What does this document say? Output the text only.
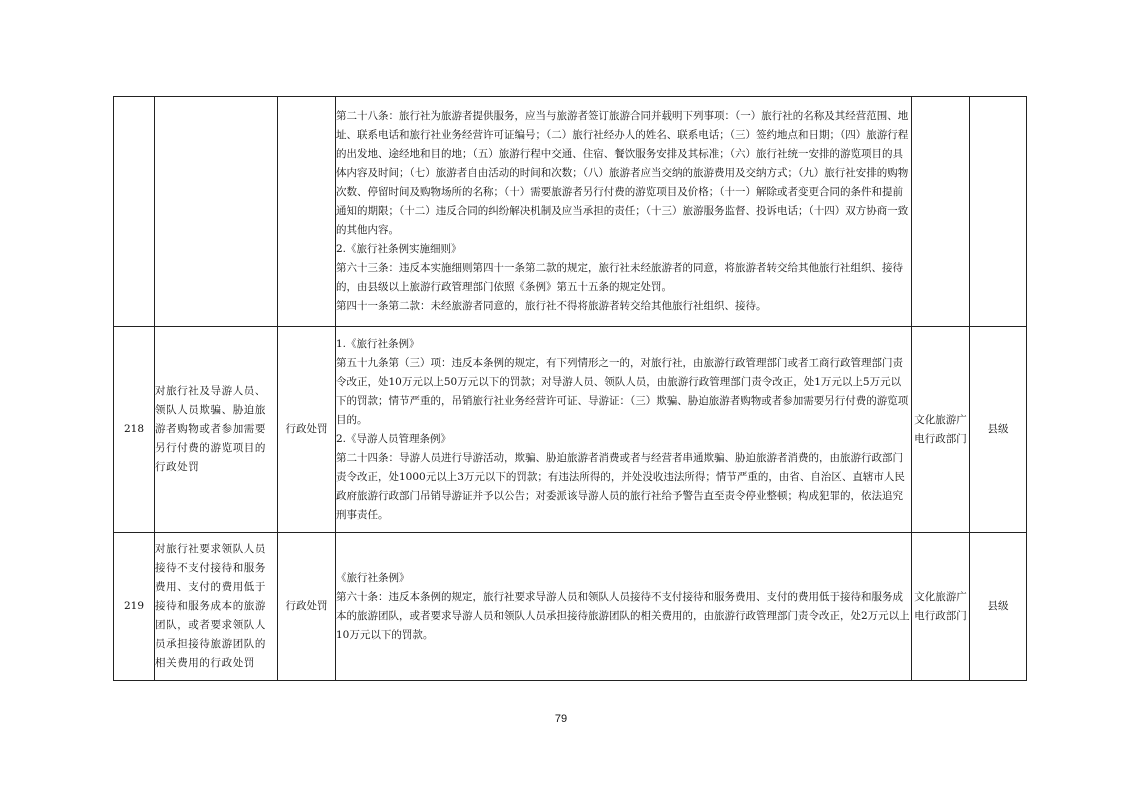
			第二十八条：旅行社为旅游者提供服务，应当与旅游者签订旅游合同并载明下列事项：（一）旅行社的名称及其经营范围、地址、联系电话和旅行社业务经营许可证编号；（二）旅行社经办人的姓名、联系电话；（三）签约地点和日期；（四）旅游行程的出发地、途经地和目的地；（五）旅游行程中交通、住宿、餐饮服务安排及其标准；（六）旅行社统一安排的游览项目的具体内容及时间；（七）旅游者自由活动的时间和次数；（八）旅游者应当交纳的旅游费用及交纳方式；（九）旅行社安排的购物次数、停留时间及购物场所的名称；（十）需要旅游者另行付费的游览项目及价格；（十一）解除或者变更合同的条件和提前通知的期限；（十二）违反合同的纠纷解决机制及应当承担的责任；（十三）旅游服务监督、投诉电话；（十四）双方协商一致的其他内容。

2.《旅行社条例实施细则》

第六十三条：违反本实施细则第四十一条第二款的规定，旅行社未经旅游者的同意，将旅游者转交给其他旅行社组织、接待的，由县级以上旅游行政管理部门依照《条例》第五十五条的规定处罚。

第四十一条第二款：未经旅游者同意的，旅行社不得将旅游者转交给其他旅行社组织、接待。		

218	对旅行社及导游人员、领队人员欺骗、胁迫旅游者购物或者参加需要另行付费的游览项目的行政处罚	行政处罚	1.《旅行社条例》

第五十九条第（三）项：违反本条例的规定，有下列情形之一的，对旅行社，由旅游行政管理部门或者工商行政管理部门责令改正，处10万元以上50万元以下的罚款；对导游人员、领队人员，由旅游行政管理部门责令改正，处1万元以上5万元以下的罚款；情节严重的，吊销旅行社业务经营许可证、导游证：（三）欺骗、胁迫旅游者购物或者参加需要另行付费的游览项目的。

2.《导游人员管理条例》

第二十四条：导游人员进行导游活动，欺骗、胁迫旅游者消费或者与经营者串通欺骗、胁迫旅游者消费的，由旅游行政部门责令改正，处1000元以上3万元以下的罚款；有违法所得的，并处没收违法所得；情节严重的，由省、自治区、直辖市人民政府旅游行政部门吊销导游证并予以公告；对委派该导游人员的旅行社给予警告直至责令停业整顿；构成犯罪的，依法追究刑事责任。	文化旅游广电行政部门	县级
219	对旅行社要求领队人员接待不支付接待和服务费用、支付的费用低于接待和服务成本的旅游团队，或者要求领队人员承担接待旅游团队的相关费用的行政处罚	行政处罚	《旅行社条例》

第六十条：违反本条例的规定，旅行社要求导游人员和领队人员接待不支付接待和服务费用、支付的费用低于接待和服务成本的旅游团队，或者要求导游人员和领队人员承担接待旅游团队的相关费用的，由旅游行政管理部门责令改正，处2万元以上10万元以下的罚款。	文化旅游广电行政部门	县级
79
